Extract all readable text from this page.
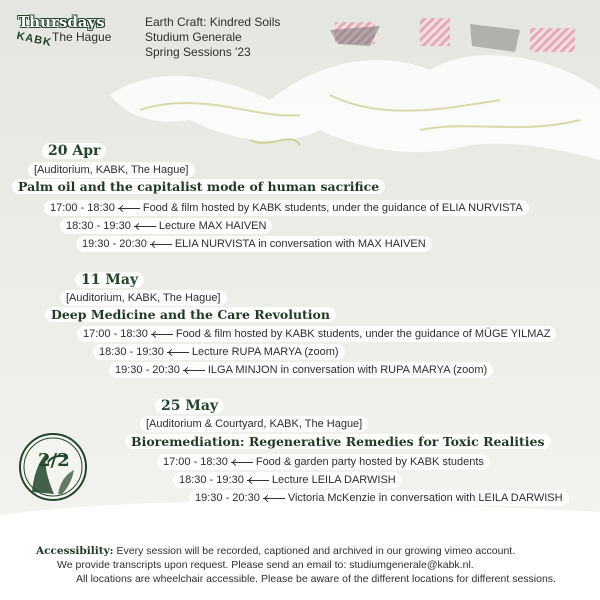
Thursdays
KABK The Hague
Earth Craft: Kindred Soils
Studium Generale
Spring Sessions '23
20 Apr
[Auditorium, KABK, The Hague]
Palm oil and the capitalist mode of human sacrifice
17:00 - 18:30	Food & film hosted by KABK students, under the guidance of ELIA NURVISTA
18:30 - 19:30	Lecture MAX HAIVEN
19:30 - 20:30	ELIA NURVISTA in conversation with MAX HAIVEN
11 May
[Auditorium, KABK, The Hague]
Deep Medicine and the Care Revolution
17:00 - 18:30	Food & film hosted by KABK students, under the guidance of MÜGE YILMAZ
18:30 - 19:30	Lecture RUPA MARYA (zoom)
19:30 - 20:30	ILGA MINJON in conversation with RUPA MARYA (zoom)
25 May
[Auditorium & Courtyard, KABK, The Hague]
Bioremediation: Regenerative Remedies for Toxic Realities
17:00 - 18:30	Food & garden party hosted by KABK students
18:30 - 19:30	Lecture LEILA DARWISH
19:30 - 20:30	Victoria McKenzie in conversation with LEILA DARWISH
2/2
Accessibility: Every session will be recorded, captioned and archived in our growing vimeo account.
We provide transcripts upon request. Please send an email to: studiumgenerale@kabk.nl.
All locations are wheelchair accessible. Please be aware of the different locations for different sessions.
